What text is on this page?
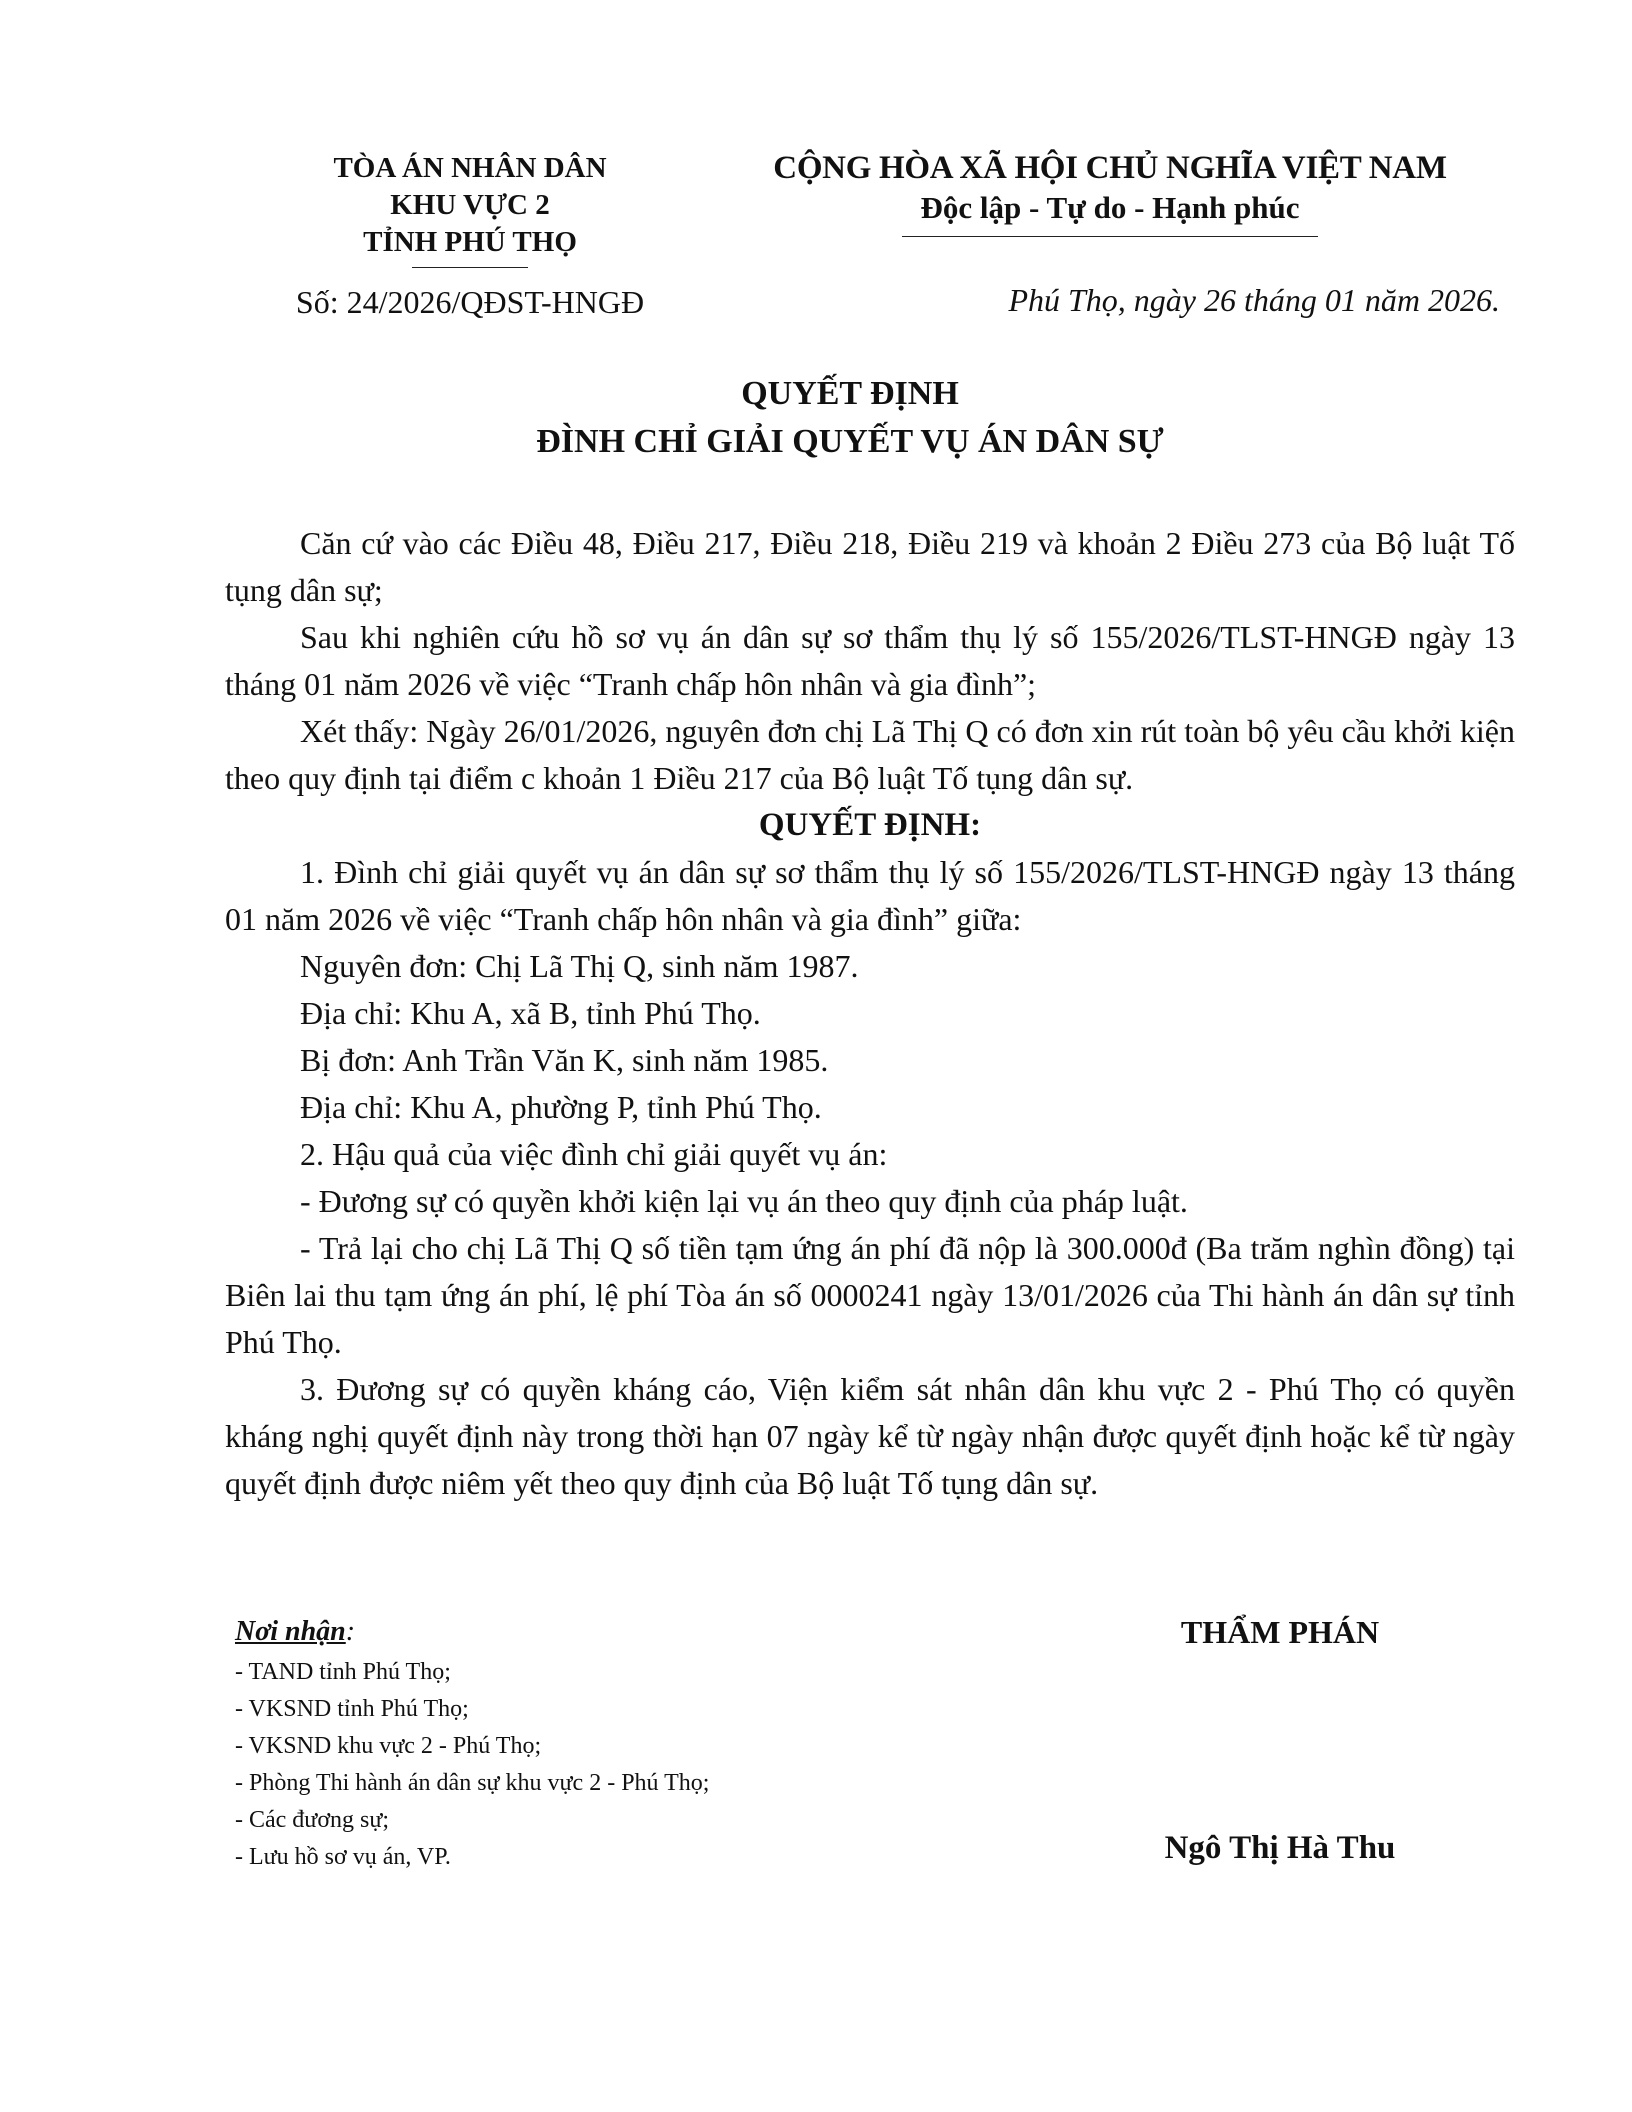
TÒA ÁN NHÂN DÂN
KHU VỰC 2
TỈNH PHÚ THỌ
Số: 24/2026/QĐST-HNGĐ
CỘNG HÒA XÃ HỘI CHỦ NGHĨA VIỆT NAM
Độc lập - Tự do - Hạnh phúc
Phú Thọ, ngày 26 tháng 01 năm 2026.
QUYẾT ĐỊNH
ĐÌNH CHỈ GIẢI QUYẾT VỤ ÁN DÂN SỰ

Căn cứ vào các Điều 48, Điều 217, Điều 218, Điều 219 và khoản 2 Điều 273 của Bộ luật Tố tụng dân sự;

Sau khi nghiên cứu hồ sơ vụ án dân sự sơ thẩm thụ lý số 155/2026/TLST-HNGĐ ngày 13 tháng 01 năm 2026 về việc “Tranh chấp hôn nhân và gia đình”;

Xét thấy: Ngày 26/01/2026, nguyên đơn chị Lã Thị Q có đơn xin rút toàn bộ yêu cầu khởi kiện theo quy định tại điểm c khoản 1 Điều 217 của Bộ luật Tố tụng dân sự.

QUYẾT ĐỊNH:

1. Đình chỉ giải quyết vụ án dân sự sơ thẩm thụ lý số 155/2026/TLST-HNGĐ ngày 13 tháng 01 năm 2026 về việc “Tranh chấp hôn nhân và gia đình” giữa:

Nguyên đơn: Chị Lã Thị Q, sinh năm 1987.

Địa chỉ: Khu A, xã B, tỉnh Phú Thọ.

Bị đơn: Anh Trần Văn K, sinh năm 1985.

Địa chỉ: Khu A, phường P, tỉnh Phú Thọ.

2. Hậu quả của việc đình chỉ giải quyết vụ án:

- Đương sự có quyền khởi kiện lại vụ án theo quy định của pháp luật.

- Trả lại cho chị Lã Thị Q số tiền tạm ứng án phí đã nộp là 300.000đ (Ba trăm nghìn đồng) tại Biên lai thu tạm ứng án phí, lệ phí Tòa án số 0000241 ngày 13/01/2026 của Thi hành án dân sự tỉnh Phú Thọ.

3. Đương sự có quyền kháng cáo, Viện kiểm sát nhân dân khu vực 2 - Phú Thọ có quyền kháng nghị quyết định này trong thời hạn 07 ngày kể từ ngày nhận được quyết định hoặc kể từ ngày quyết định được niêm yết theo quy định của Bộ luật Tố tụng dân sự.

Nơi nhận:
- TAND tỉnh Phú Thọ;
- VKSND tỉnh Phú Thọ;
- VKSND khu vực 2 - Phú Thọ;
- Phòng Thi hành án dân sự khu vực 2 - Phú Thọ;
- Các đương sự;
- Lưu hồ sơ vụ án, VP.
THẨM PHÁN
Ngô Thị Hà Thu
